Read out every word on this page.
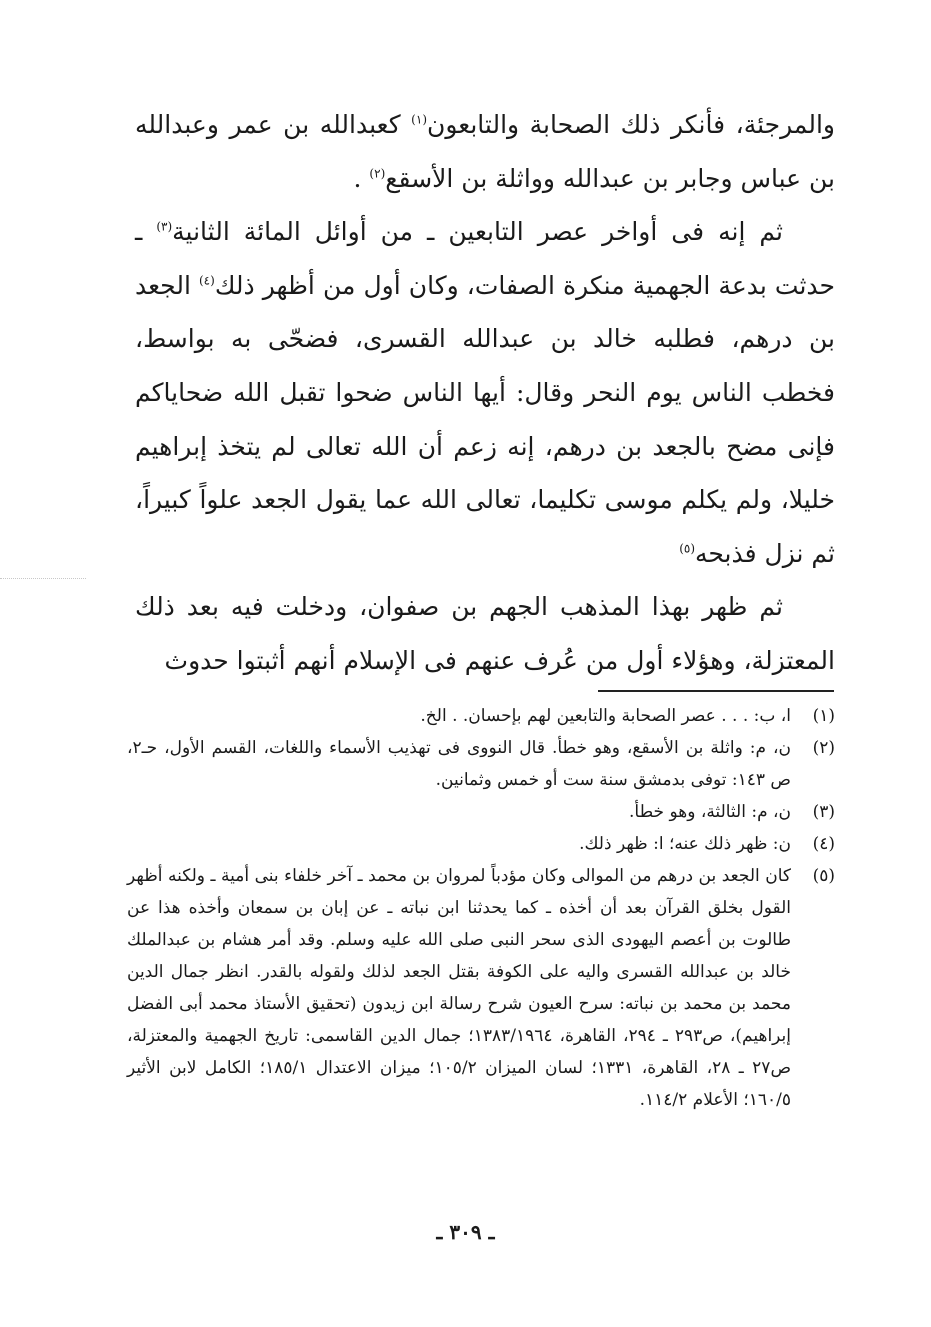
والمرجئة، فأنكر ذلك الصحابة والتابعون$^{(١)}$ كعبدالله بن عمر وعبدالله بن عباس وجابر بن عبدالله وواثلة بن الأسقع$^{(٢)}$ .

ثم إنه فى أواخر عصر التابعين ـ من أوائل المائة الثانية$^{(٣)}$ ـ حدثت بدعة الجهمية منكرة الصفات، وكان أول من أظهر ذلك$^{(٤)}$ الجعد بن درهم، فطلبه خالد بن عبدالله القسرى، فضحّى به بواسط، فخطب الناس يوم النحر وقال: أيها الناس ضحوا تقبل الله ضحاياكم فإنى مضح بالجعد بن درهم، إنه زعم أن الله تعالى لم يتخذ إبراهيم خليلا، ولم يكلم موسى تكليما، تعالى الله عما يقول الجعد علواً كبيراً، ثم نزل فذبحه$^{(٥)}$

ثم ظهر بهذا المذهب الجهم بن صفوان، ودخلت فيه بعد ذلك المعتزلة، وهؤلاء أول من عُرف عنهم فى الإسلام أنهم أثبتوا حدوث

(١)
ا، ب: . . . عصر الصحابة والتابعين لهم بإحسان. . الخ.
(٢)
ن، م: واثلة بن الأسقع، وهو خطأ. قال النووى فى تهذيب الأسماء واللغات، القسم الأول، حـ٢، ص ١٤٣: توفى بدمشق سنة ست أو خمس وثمانين.
(٣)
ن، م: الثالثة، وهو خطأ.
(٤)
ن: ظهر ذلك عنه؛ ا: ظهر ذلك.
(٥)
كان الجعد بن درهم من الموالى وكان مؤدباً لمروان بن محمد ـ آخر خلفاء بنى أمية ـ ولكنه أظهر القول بخلق القرآن بعد أن أخذه ـ كما يحدثنا ابن نباته ـ عن إبان بن سمعان وأخذه هذا عن طالوت بن أعصم اليهودى الذى سحر النبى صلى الله عليه وسلم. وقد أمر هشام بن عبدالملك خالد بن عبدالله القسرى واليه على الكوفة بقتل الجعد لذلك ولقوله بالقدر. انظر جمال الدين محمد بن محمد بن نباته: سرح العيون شرح رسالة ابن زيدون (تحقيق الأستاذ محمد أبى الفضل إبراهيم)، ص٢٩٣ ـ ٢٩٤، القاهرة، ١٣٨٣/١٩٦٤؛ جمال الدين القاسمى: تاريخ الجهمية والمعتزلة، ص٢٧ ـ ٢٨، القاهرة، ١٣٣١؛ لسان الميزان ١٠٥/٢؛ ميزان الاعتدال ١٨٥/١؛ الكامل لابن الأثير ١٦٠/٥؛ الأعلام ١١٤/٢.
ـ ٣٠٩ ـ
